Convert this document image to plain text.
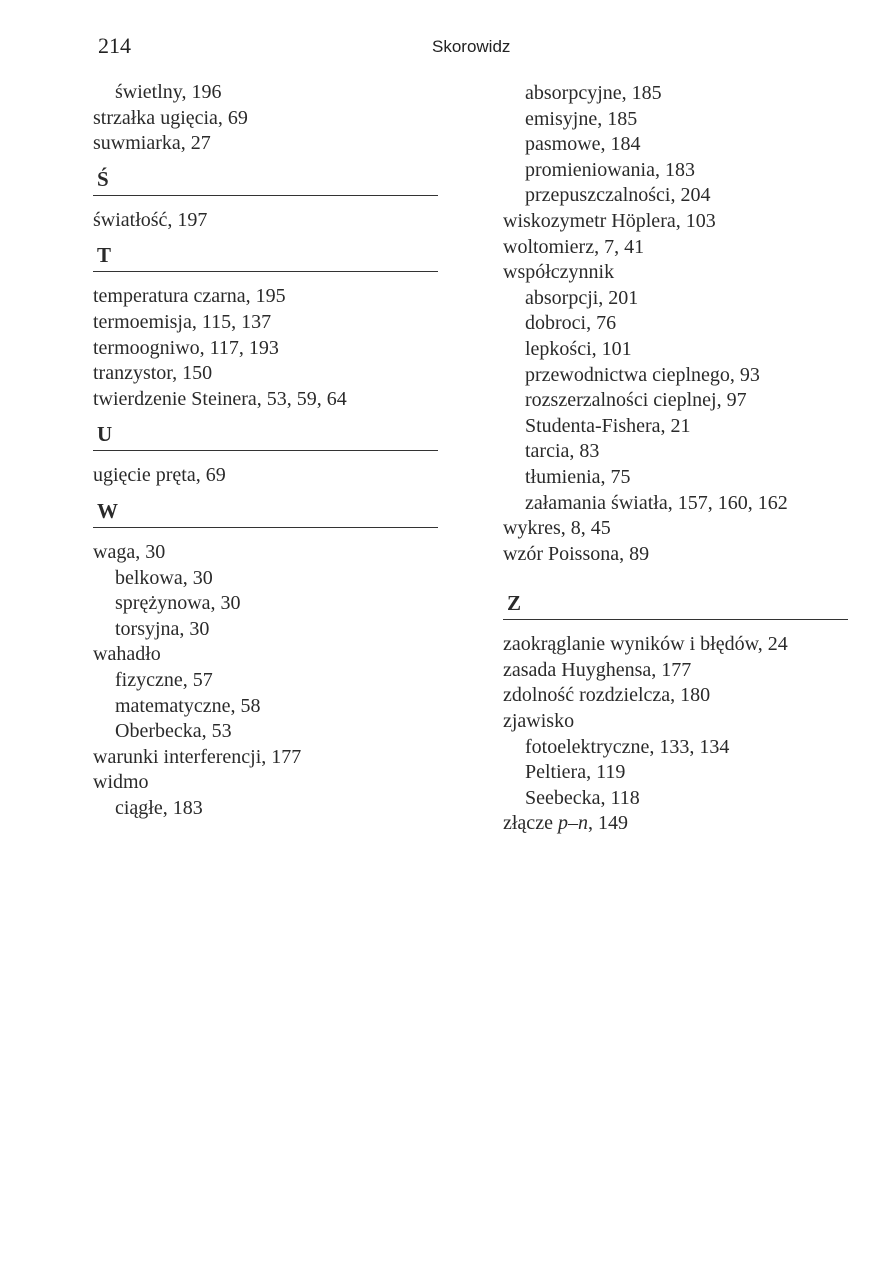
214	Skorowidz
świetlny, 196
strzałka ugięcia, 69
suwmiarka, 27
Ś
światłość, 197
T
temperatura czarna, 195
termoemisja, 115, 137
termoogniwo, 117, 193
tranzystor, 150
twierdzenie Steinera, 53, 59, 64
U
ugięcie pręta, 69
W
waga, 30
belkowa, 30
sprężynowa, 30
torsyjna, 30
wahadło
fizyczne, 57
matematyczne, 58
Oberbecka, 53
warunki interferencji, 177
widmo
ciągłe, 183
absorpcyjne, 185
emisyjne, 185
pasmowe, 184
promieniowania, 183
przepuszczalności, 204
wiskozymetr Höplera, 103
woltomierz, 7, 41
współczynnik
absorpcji, 201
dobroci, 76
lepkości, 101
przewodnictwa cieplnego, 93
rozszerzalności cieplnej, 97
Studenta-Fishera, 21
tarcia, 83
tłumienia, 75
załamania światła, 157, 160, 162
wykres, 8, 45
wzór Poissona, 89
Z
zaokrąglanie wyników i błędów, 24
zasada Huyghensa, 177
zdolność rozdzielcza, 180
zjawisko
fotoelektryczne, 133, 134
Peltiera, 119
Seebecka, 118
złącze p–n, 149
